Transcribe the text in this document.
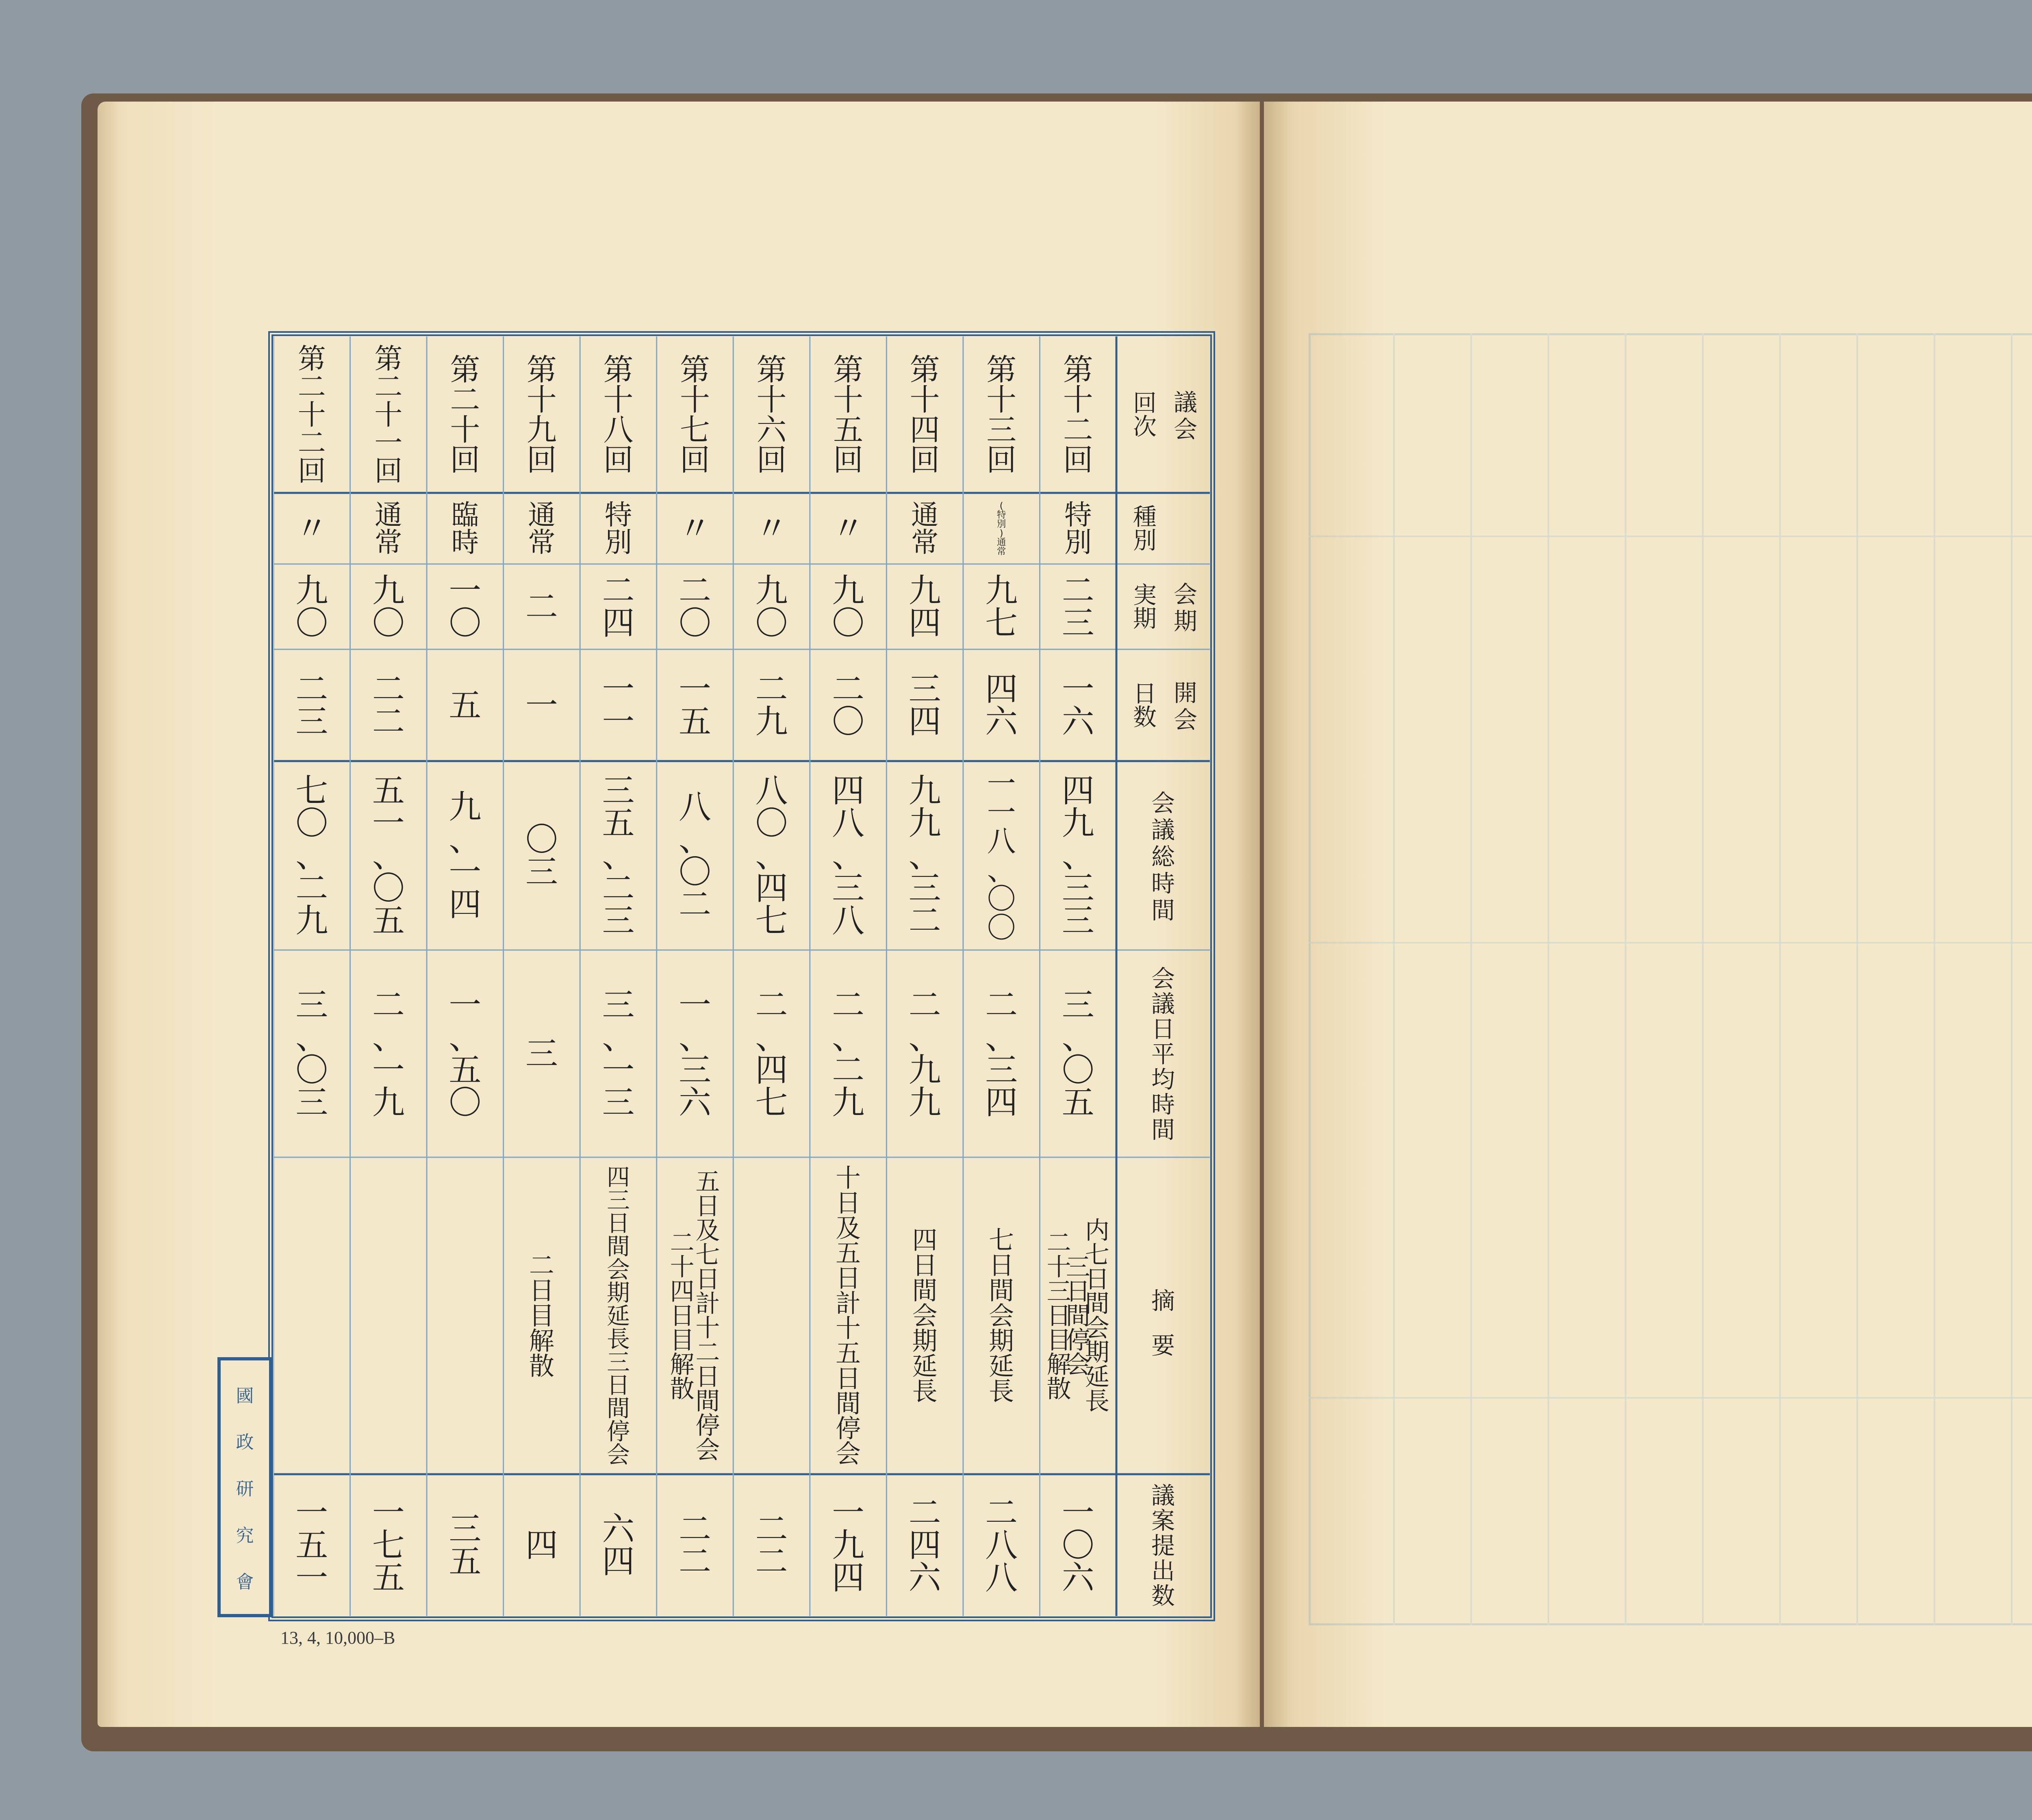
議
会
回
次
種
別
会
期
実
期
開
会
日
数
会
議
総
時
間
会
議
日
平
均
時
間
摘
要
議
案
提
出
数
第
十
二
回
特
別
二
三
一
六
四
九
、
三
三
三
、
〇
五
内
七
日
間
会
期
延
長
三
日
間
停
会
二
十
三
日
目
解
散
一
〇
六
第
十
三
回
(
特
別
)
通
常
九
七
四
六
一
一
八
、
〇
〇
二
、
三
四
七
日
間
会
期
延
長
二
八
八
第
十
四
回
通
常
九
四
三
四
九
九
、
三
二
二
、
九
九
四
日
間
会
期
延
長
二
四
六
第
十
五
回
〃
九
〇
二
〇
四
八
、
三
八
二
、
二
九
十
日
及
五
日
計
十
五
日
間
停
会
一
九
四
第
十
六
回
〃
九
〇
二
九
八
〇
、
四
七
二
、
四
七
二
二
第
十
七
回
〃
二
〇
一
五
八
、
〇
二
一
、
三
六
五
日
及
七
日
計
十
二
日
間
停
会
二
十
四
日
目
解
散
二
二
第
十
八
回
特
別
二
四
一
一
三
五
、
二
三
三
、
一
三
四
三
日
間
会
期
延
長
三
日
間
停
会
六
四
第
十
九
回
通
常
二
一
〇
三
三
二
日
目
解
散
四
第
二
十
回
臨
時
一
〇
五
九
、
一
四
一
、
五
〇
三
五
第
二
十
一
回
通
常
九
〇
二
二
五
一
、
〇
五
二
、
一
九
一
七
五
第
二
十
二
回
〃
九
〇
二
三
七
〇
、
二
九
三
、
〇
三
一
五
一
國
政
研
究
會
13, 4, 10,000–B
